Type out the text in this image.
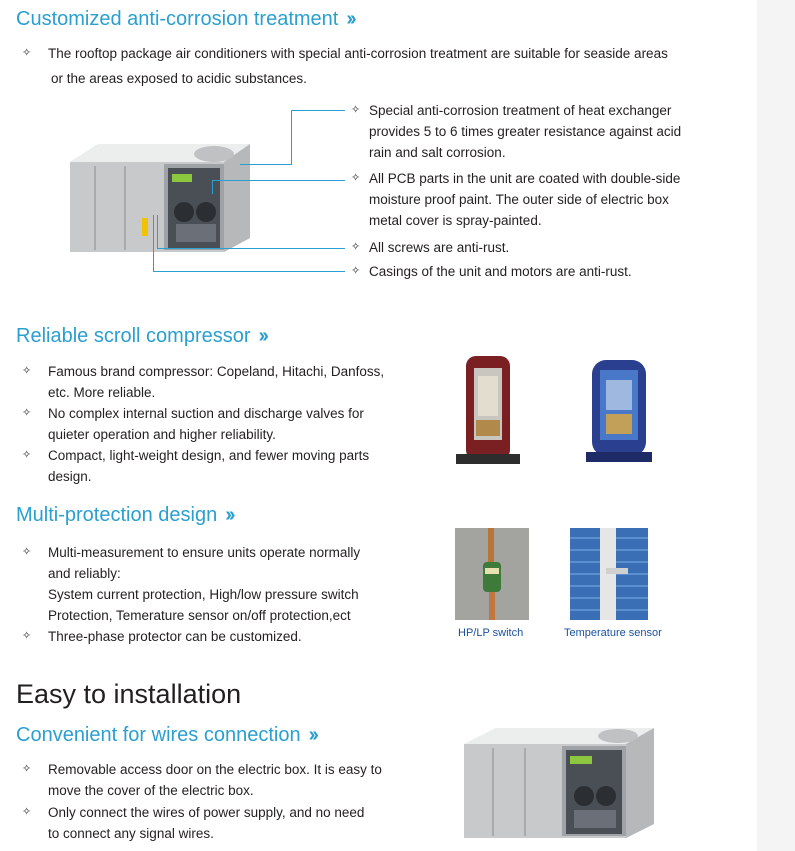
Customized anti-corrosion treatment ››
✧ The rooftop package air conditioners with special anti-corrosion treatment are suitable for seaside areas
or the areas exposed to acidic substances.
✧ Special anti-corrosion treatment of heat exchanger
provides 5 to 6 times greater resistance against acid
rain and salt corrosion.
✧ All PCB parts in the unit are coated with double-side
moisture proof paint. The outer side of electric box
metal cover is spray-painted.
✧ All screws are anti-rust.
✧ Casings of the unit and motors are anti-rust.
Reliable scroll compressor ››
✧ Famous brand compressor: Copeland, Hitachi, Danfoss,
etc. More reliable.
✧ No complex internal suction and discharge valves for
quieter operation and higher reliability.
✧ Compact, light-weight design, and fewer moving parts
design.
Multi-protection design ››
✧ Multi-measurement to ensure units operate normally
and reliably:
System current protection, High/low pressure switch
Protection, Temerature sensor on/off protection,ect
✧ Three-phase protector can be customized.	HP/LP switch	Temperature sensor
Easy to installation
Convenient for wires connection ››
✧ Removable access door on the electric box. It is easy to
move the cover of the electric box.
✧ Only connect the wires of power supply, and no need
to connect any signal wires.
